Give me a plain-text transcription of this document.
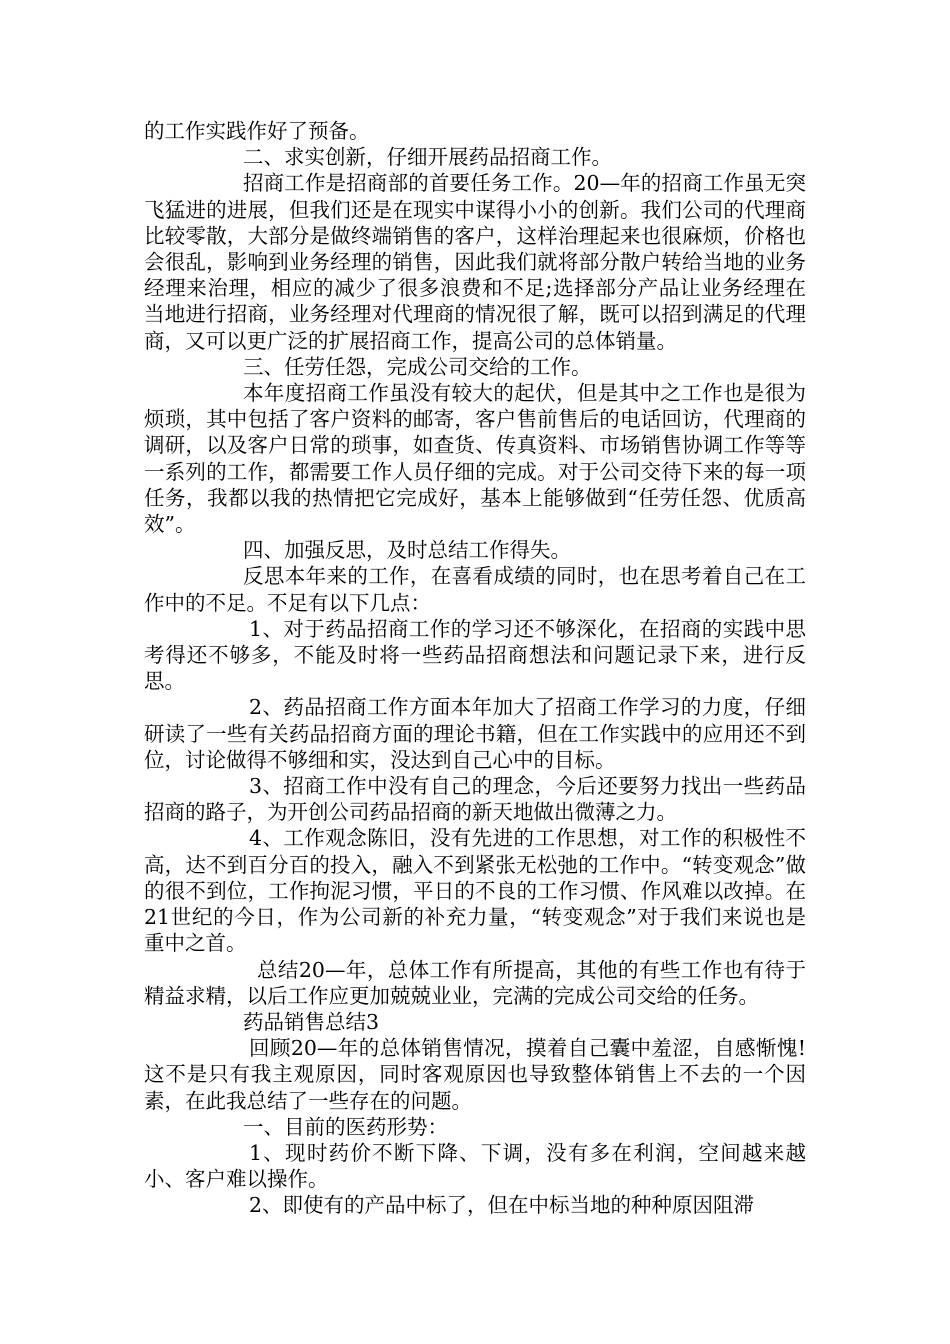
的工作实践作好了预备。

二、求实创新，仔细开展药品招商工作。

招商工作是招商部的首要任务工作。20—年的招商工作虽无突飞猛进的进展，但我们还是在现实中谋得小小的创新。我们公司的代理商比较零散，大部分是做终端销售的客户，这样治理起来也很麻烦，价格也会很乱，影响到业务经理的销售，因此我们就将部分散户转给当地的业务经理来治理，相应的减少了很多浪费和不足;选择部分产品让业务经理在当地进行招商，业务经理对代理商的情况很了解，既可以招到满足的代理商，又可以更广泛的扩展招商工作，提高公司的总体销量。

三、任劳任怨，完成公司交给的工作。

本年度招商工作虽没有较大的起伏，但是其中之工作也是很为烦琐，其中包括了客户资料的邮寄，客户售前售后的电话回访，代理商的调研，以及客户日常的琐事，如查货、传真资料、市场销售协调工作等等一系列的工作，都需要工作人员仔细的完成。对于公司交待下来的每一项任务，我都以我的热情把它完成好，基本上能够做到“任劳任怨、优质高效”。

四、加强反思，及时总结工作得失。

反思本年来的工作，在喜看成绩的同时，也在思考着自己在工作中的不足。不足有以下几点：

1、对于药品招商工作的学习还不够深化，在招商的实践中思考得还不够多，不能及时将一些药品招商想法和问题记录下来，进行反思。

2、药品招商工作方面本年加大了招商工作学习的力度，仔细研读了一些有关药品招商方面的理论书籍，但在工作实践中的应用还不到位，讨论做得不够细和实，没达到自己心中的目标。

3、招商工作中没有自己的理念，今后还要努力找出一些药品招商的路子，为开创公司药品招商的新天地做出微薄之力。

4、工作观念陈旧，没有先进的工作思想，对工作的积极性不高，达不到百分百的投入，融入不到紧张无松弛的工作中。“转变观念”做的很不到位，工作拘泥习惯，平日的不良的工作习惯、作风难以改掉。在21世纪的今日，作为公司新的补充力量，“转变观念”对于我们来说也是重中之首。

总结20—年，总体工作有所提高，其他的有些工作也有待于精益求精，以后工作应更加兢兢业业，完满的完成公司交给的任务。

药品销售总结3

回顾20—年的总体销售情况，摸着自己囊中羞涩，自感惭愧!这不是只有我主观原因，同时客观原因也导致整体销售上不去的一个因素，在此我总结了一些存在的问题。

一、目前的医药形势：

1、现时药价不断下降、下调，没有多在利润，空间越来越小、客户难以操作。

2、即使有的产品中标了，但在中标当地的种种原因阻滞
